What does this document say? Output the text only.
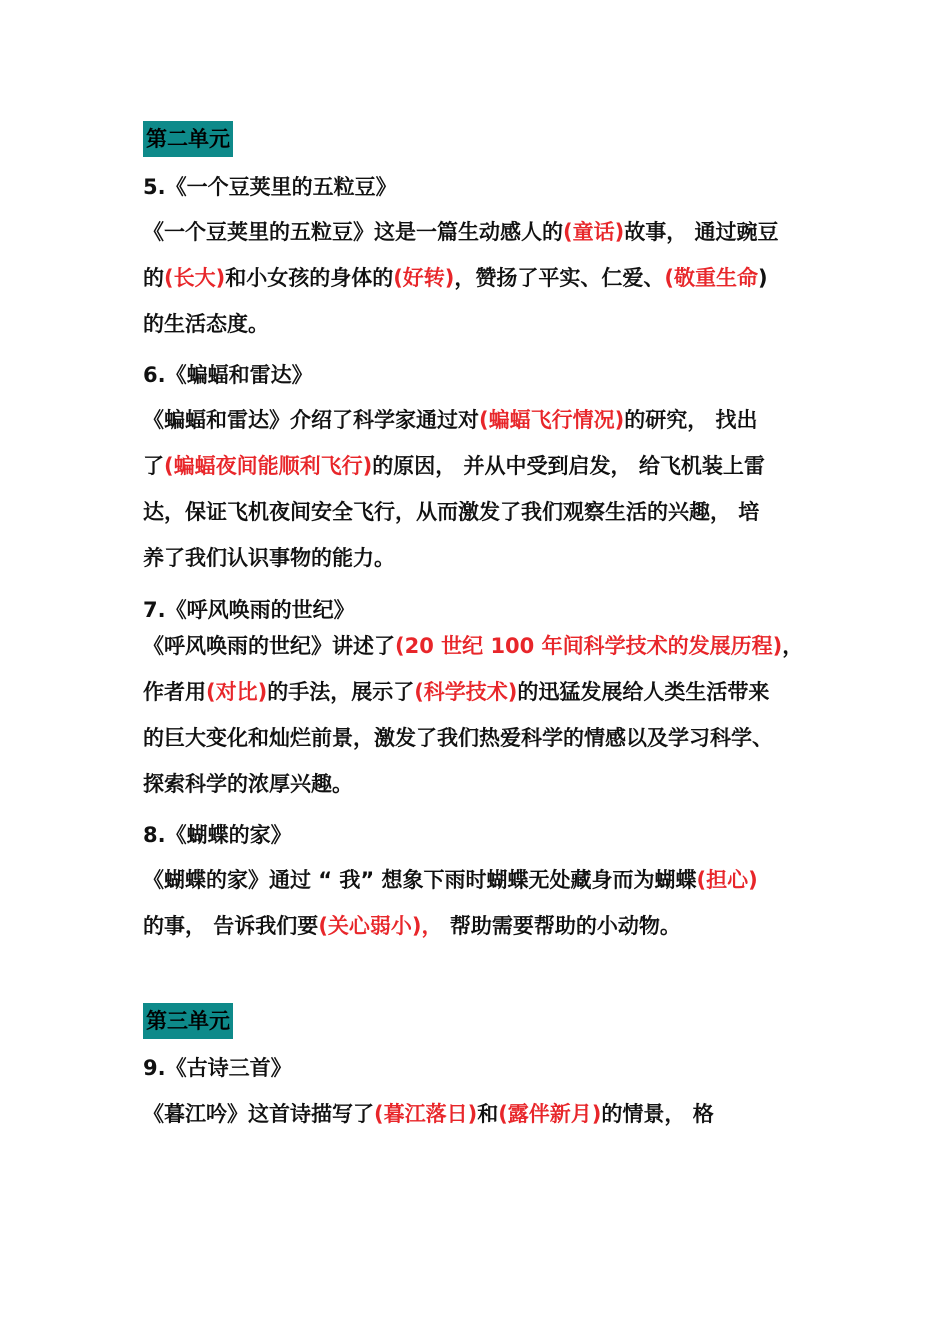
第二单元
5.《一个豆荚里的五粒豆》
《一个豆荚里的五粒豆》这是一篇生动感人的(童话)故事， 通过豌豆
的(长大)和小女孩的身体的(好转)，赞扬了平实、仁爱、(敬重生命)
的生活态度。
6.《蝙蝠和雷达》
《蝙蝠和雷达》介绍了科学家通过对(蝙蝠飞行情况)的研究， 找出
了(蝙蝠夜间能顺利飞行)的原因， 并从中受到启发， 给飞机装上雷
达，保证飞机夜间安全飞行，从而激发了我们观察生活的兴趣， 培
养了我们认识事物的能力。
7.《呼风唤雨的世纪》
《呼风唤雨的世纪》讲述了(20 世纪 100 年间科学技术的发展历程)，
作者用(对比)的手法，展示了(科学技术)的迅猛发展给人类生活带来
的巨大变化和灿烂前景，激发了我们热爱科学的情感以及学习科学、
探索科学的浓厚兴趣。
8.《蝴蝶的家》
《蝴蝶的家》通过 “ 我” 想象下雨时蝴蝶无处藏身而为蝴蝶(担心)
的事， 告诉我们要(关心弱小)， 帮助需要帮助的小动物。
第三单元
9.《古诗三首》
《暮江吟》这首诗描写了(暮江落日)和(露伴新月)的情景， 格
